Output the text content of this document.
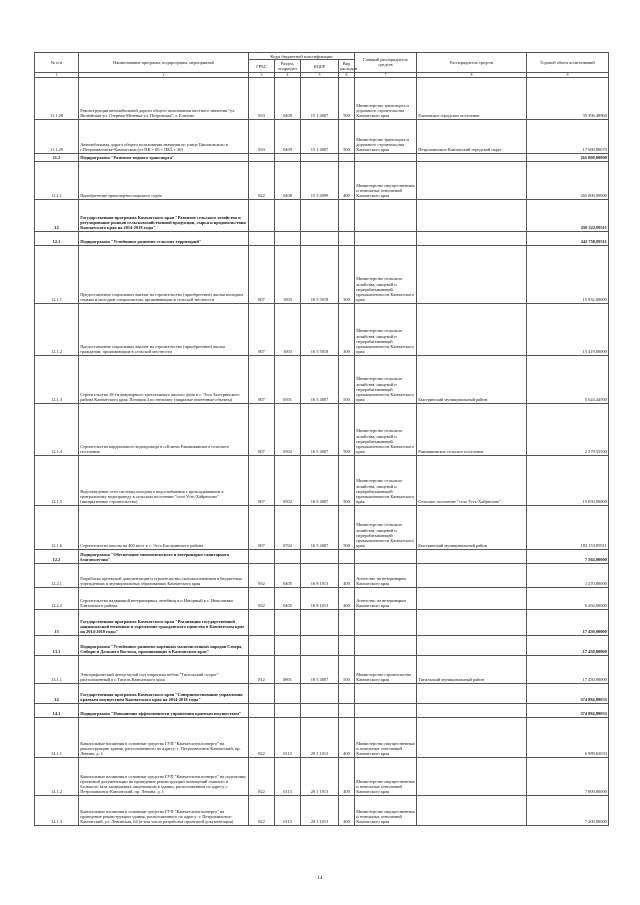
№ п/п	Наименование программ, подпрограмм, мероприятий	Коды бюджетной классификации				Главный распорядитель средств	Распорядитель средств	Годовой объем ассигнований
		ГРБС	Раздел, подраздел	КЦСР	Вид расходов			
1	2	3	4	5	6	7	8	9
11.1.28	Реконструкция автомобильной дороги общего пользования местного значения "ул. Вилюйская-ул. Озерная-Меченка-ул. Петровская", г. Елизово	833	0409	15 1 4007	500	Министерство транспорта и дорожного строительства Камчатского края	Елизовское городское поселение	35 396,48960
11.1.29	Автомобильная дорога общего пользования значения по улице Циолковского в г.Петропавловске-Камчатском (от ПК + 00 + ПК3 + 30)	833	0409	15 1 4007	500	Министерство транспорта и дорожного строительства Камчатского края	Петропавловск-Камчатский городской округ	17 690,80670
11.2	Подпрограмма "Развитие водного транспорта"							265 000,00000
11.2.1	Приобретение транспортно-морского судна	822	0408	15 3 4999	400	Министерство имущественных и земельных отношений Камчатского края		265 000,00000
12	Государственная программа Камчатского края "Развитие сельского хозяйства и регулирование рынков сельскохозяйственной продукции, сырья и продовольствия Камчатского края на 2014-2018 годы"							250 322,09511
12.1	Подпрограмма "Устойчивое развитие сельских территорий"							242 758,09511
12.1.1	Предоставление социальных выплат на строительство (приобретение) жилья молодым семьям и молодым специалистам, проживающим в сельской местности	807	1003	16 5 5018	300	Министерство сельского хозяйства, пищевой и перерабатывающей промышленности Камчатского края		15 932,00000
12.1.2	Предоставление социальных выплат на строительство (приобретение) жилья гражданам, проживающим в сельской местности	807	1003	16 5 5018	300	Министерство сельского хозяйства, пищевой и перерабатывающей промышленности Камчатского края		15 419,00000
12.1.3	Строительство 18-ти квартирного трехэтажного жилого дома в с. Эссо Быстринского района Камчатского края. Позиция 4 по генплану (закрытые ипотечные объекты)	807	0501	16 5 4007	500	Министерство сельского хозяйства, пищевой и перерабатывающей промышленности Камчатского края	Быстринский муниципальный район	5 624,44500
12.1.4	Строительство кардиального водопровода в п.Ключи Раковикивского сельского поселения	807	0502	16 5 4007	500	Министерство сельского хозяйства, пищевой и перерабатывающей промышленности Камчатского края	Раковикивское сельское поселение	2 579,55500
12.1.5	Водоотведение сети системы холодного водоснабжения с прокладыванием к центральному водопроводу в сельском поселении "село Усть-Хайрюзово" (инициативное строительство)	807	0502	16 5 4007	500	Министерство сельского хозяйства, пищевой и перерабатывающей промышленности Камчатского края	Сельское поселение "село Усть-Хайрюзово"	15 050,00000
12.1.6	Строительство школы на 400 мест в с. Эссо Быстринского района	807	0702	16 5 4007	500	Министерство сельского хозяйства, пищевой и перерабатывающей промышленности Камчатского края	Быстринский муниципальный район	183 153,09511
12.2	Подпрограмма "Обеспечение эпизоотического и ветеринарно-санитарного благополучия"							7 564,00000
12.2.1	Разработка проектной документации и строительство скотомогильников в бюджетных учреждениях и муниципальных образованиях Камчатского края	832	0405	16 8 1013	400	Агентство по ветеринарии Камчатского края		1 270,00000
12.2.2	Строительство надвижной ветеринарных лечебниц в п.Нагорный в с. Николаевка Елизовского района	832	0405	16 8 1013	400	Агентство по ветеринарии Камчатского края		6 294,00000
13	Государственная программа Камчатского края "Реализация государственной национальной политики и укрепление гражданского единства в Камчатском крае на 2014-2018 годы"							17 450,00000
13.1	Подпрограмма "Устойчивое развитие коренных малочисленных народов Севера, Сибири и Дальнего Востока, проживающих в Камчатском крае"							17 450,00000
13.1.1	Этнографический центр-музей под открытым небом "Тигильский острог" расположенный в с.Тигиль Камчатского края	812	0801	18 5 4007	500	Министерство строительства Камчатского края	Тигильский муниципальный район	17 450,00000
14	Государственная программа Камчатского края "Совершенствование управления краевым имуществом Камчатского края на 2014-2018 годы"							374 884,89033
14.1	Подпрограмма "Повышение эффективности управления краевым имуществом"							374 884,89033
14.1.1	Капитальные вложения в основные средства ГУП "Камчатсктеплоэнерго" на реконструкцию здания, расположенного по адресу: г. Петропавловск-Камчатский, пр. Ленина, д. 1	822	0113	20 1 1013	400	Министерство имущественных и земельных отношений Камчатского края		6 989,63033
14.1.2	Капитальные вложения в основные средства ГУП "Камчатсктеплоэнерго" на подготовку проектной документации на проведение реконструкции помещений главного и Большого зала занимаемых лицензиатом в здании, расположенном по адресу г. Петропавловск-Камчатский, пр. Ленина, д. 1	822	0113	20 1 1013	400	Министерство имущественных и земельных отношений Камчатского края		7 000,00000
14.1.3	Капитальные вложения в основные средства ГУП "Камчатсктеплоэнерго" на проведение реконструкции здания, расположенного по адресу: г. Петропавловск-Камчатский, ул. Ленинская, 64 (в том числе разработка проектной документации)	822	0113	20 1 1013	400	Министерство имущественных и земельных отношений Камчатского края		7 200,00000
14
